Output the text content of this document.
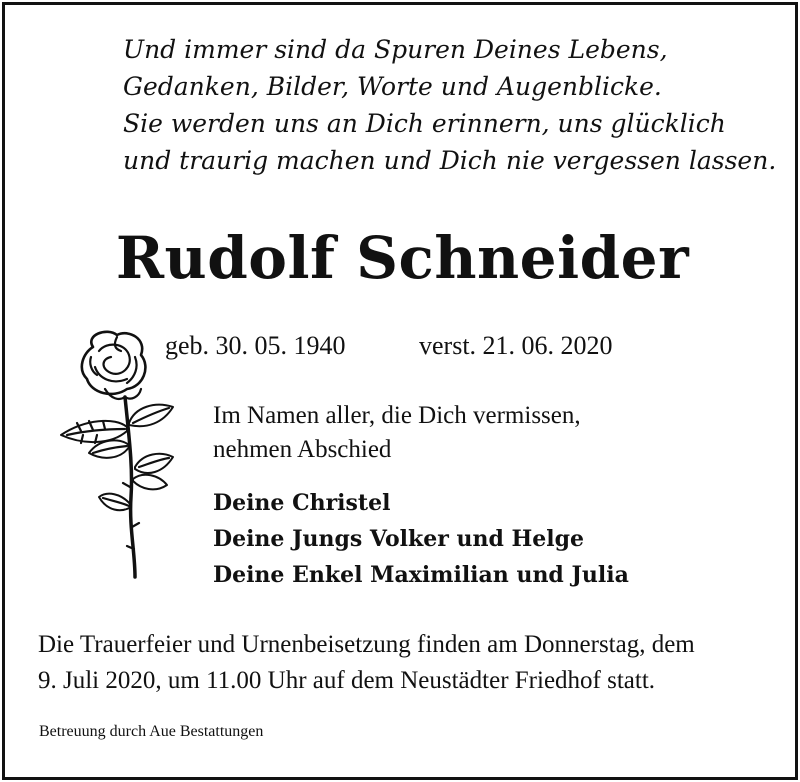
Und immer sind da Spuren Deines Lebens,
Gedanken, Bilder, Worte und Augenblicke.
Sie werden uns an Dich erinnern, uns glücklich
und traurig machen und Dich nie vergessen lassen.
Rudolf Schneider
geb. 30. 05. 1940	verst. 21. 06. 2020
Im Namen aller, die Dich vermissen,
nehmen Abschied
Deine Christel
Deine Jungs Volker und Helge
Deine Enkel Maximilian und Julia
Die Trauerfeier und Urnenbeisetzung finden am Donnerstag, dem
9. Juli 2020, um 11.00 Uhr auf dem Neustädter Friedhof statt.
Betreuung durch Aue Bestattungen
